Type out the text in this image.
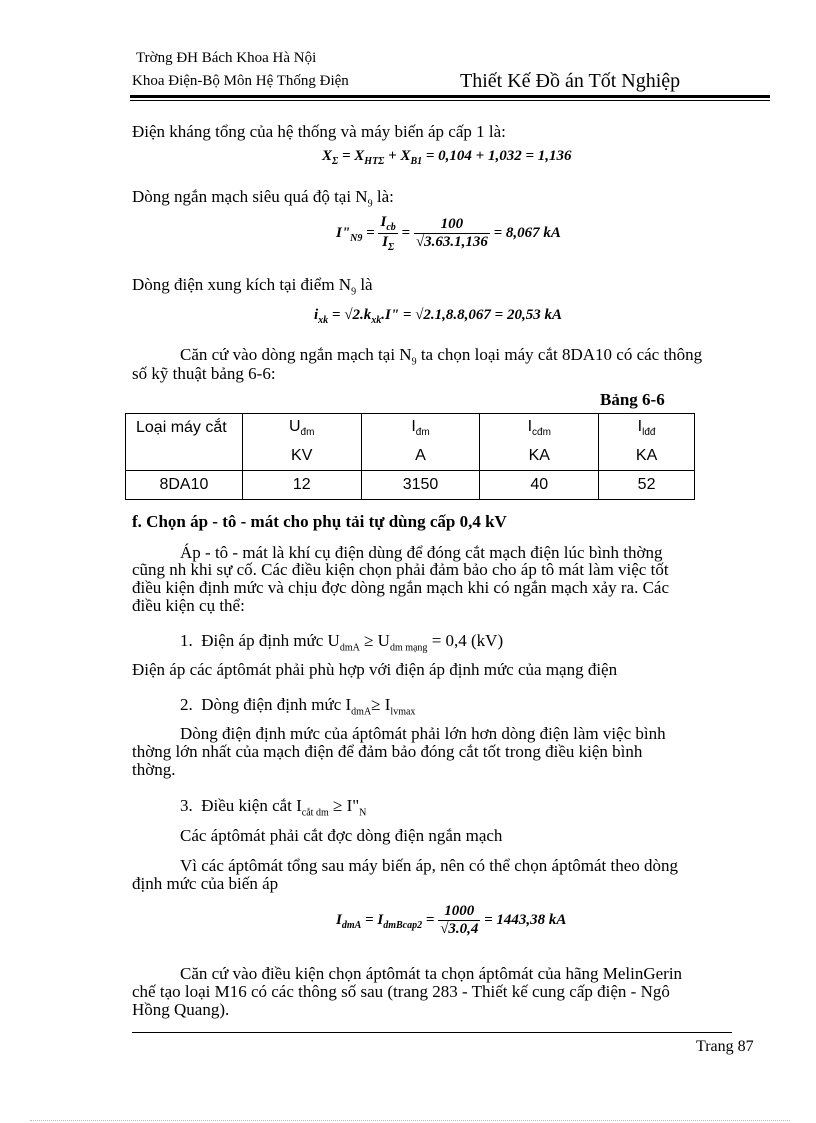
Trờng ĐH Bách Khoa Hà Nội
Khoa Điện-Bộ Môn Hệ Thống Điện	Thiết Kế Đồ án Tốt Nghiệp
Điện kháng tổng của hệ thống và máy biến áp cấp 1 là:
$X_\Sigma = X_{HT\Sigma} + X_{B1} = 0,104 + 1,032 = 1,136$
Dòng ngắn mạch siêu quá độ tại $N_9$ là:
$I"_{N9} = \frac{I_{cb}}{I_\Sigma} = \frac{100}{√3.63.1,136} = 8,067$ kA
Dòng điện xung kích tại điểm $N_9$ là
$i_{xk} = √2.k_{xk}.I$" = √2.1,8.8,067 = 20,53 kA
Căn cứ vào dòng ngắn mạch tại $N_9$ ta chọn loại máy cắt 8DA10 có các thông
số kỹ thuật bảng 6-6:
Bảng 6-6
Loại máy cắt	$U_{đm}$	$I_{đm}$	$I_{cđm}$	$I_{lđđ}$
	KV	A	KA	KA
8DA10	12	3150	40	52
f. Chọn áp - tô - mát cho phụ tải tự dùng cấp 0,4 kV
Áp - tô - mát là khí cụ điện dùng để đóng cắt mạch điện lúc bình thờng
cũng nh khi sự cố. Các điều kiện chọn phải đảm bảo cho áp tô mát làm việc tốt
điều kiện định mức và chịu đợc dòng ngắn mạch khi có ngắn mạch xảy ra. Các
điều kiện cụ thể:
1. Điện áp định mức $U_{dmA} \ge U_{dm mạng} = 0,4$ (kV)
Điện áp các áptômát phải phù hợp với điện áp định mức của mạng điện
2. Dòng điện định mức $I_{dmA}\ge I_{lvmax}$
Dòng điện định mức của áptômát phải lớn hơn dòng điện làm việc bình
thờng lớn nhất của mạch điện để đảm bảo đóng cắt tốt trong điều kiện bình
thờng.
3. Điều kiện cắt $I_{cắt dm}$ ≥ $I"_N$
Các áptômát phải cắt đợc dòng điện ngắn mạch
Vì các áptômát tổng sau máy biến áp, nên có thể chọn áptômát theo dòng
định mức của biến áp
$I_{dmA} = I_{dmBcap2} = \frac{1000}{√3.0,4} = 1443,38$ kA
Căn cứ vào điều kiện chọn áptômát ta chọn áptômát của hãng MelinGerin
chế tạo loại M16 có các thông số sau (trang 283 - Thiết kế cung cấp điện - Ngô
Hồng Quang).
Trang 87
